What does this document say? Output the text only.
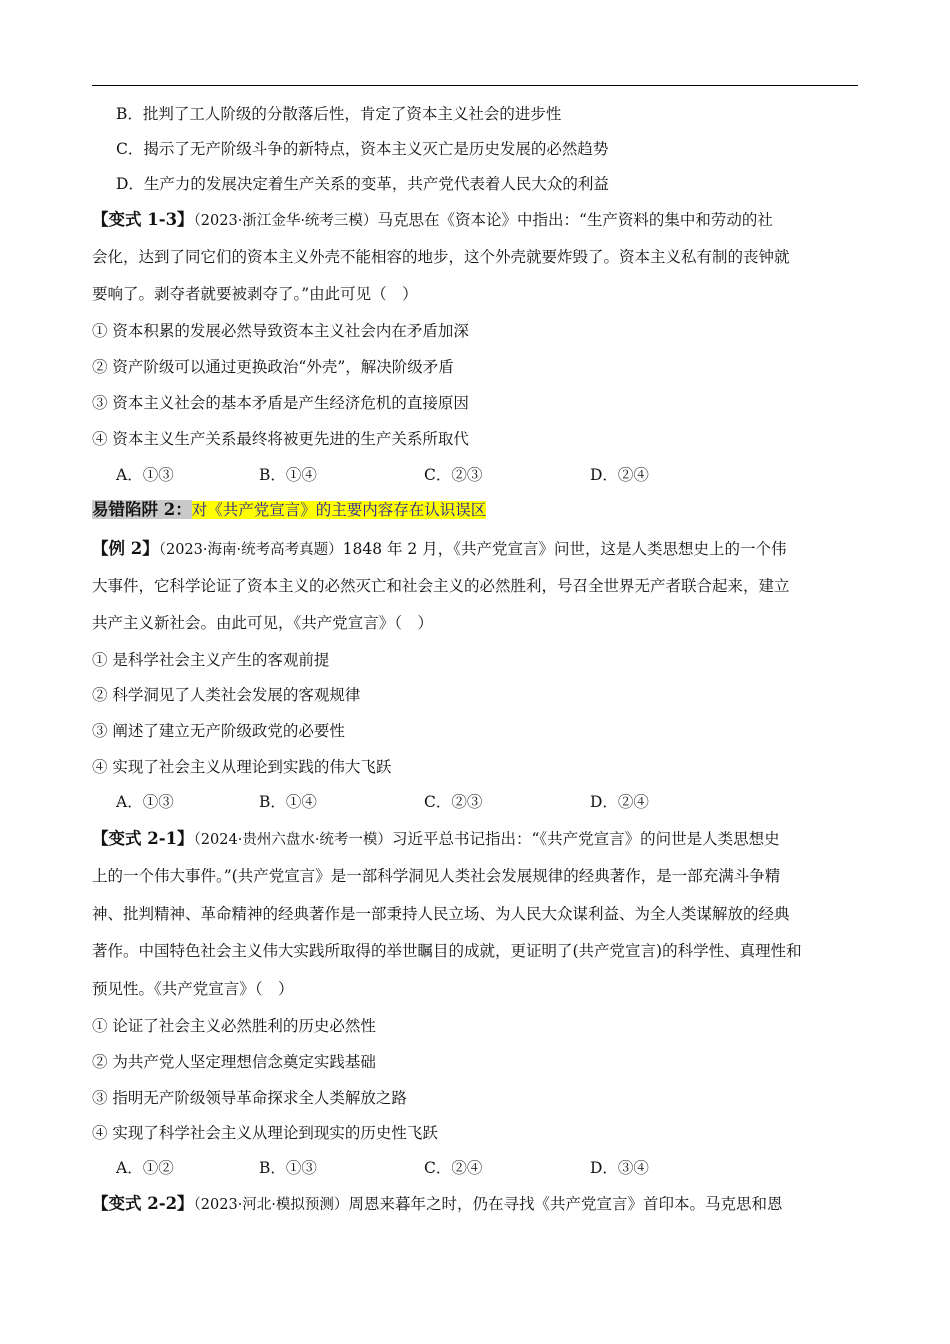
B．批判了工人阶级的分散落后性，肯定了资本主义社会的进步性
C．揭示了无产阶级斗争的新特点，资本主义灭亡是历史发展的必然趋势
D．生产力的发展决定着生产关系的变革，共产党代表着人民大众的利益
【变式 1-3】（2023·浙江金华·统考三模）马克思在《资本论》中指出：“生产资料的集中和劳动的社
会化，达到了同它们的资本主义外壳不能相容的地步，这个外壳就要炸毁了。资本主义私有制的丧钟就
要响了。剥夺者就要被剥夺了。”由此可见（　）
① 资本积累的发展必然导致资本主义社会内在矛盾加深
② 资产阶级可以通过更换政治“外壳”，解决阶级矛盾
③ 资本主义社会的基本矛盾是产生经济危机的直接原因
④ 资本主义生产关系最终将被更先进的生产关系所取代
A．①③	B．①④	C．②③	D．②④
易错陷阱 2：对《共产党宣言》的主要内容存在认识误区
【例 2】（2023·海南·统考高考真题）1848 年 2 月，《共产党宣言》问世，这是人类思想史上的一个伟
大事件，它科学论证了资本主义的必然灭亡和社会主义的必然胜利，号召全世界无产者联合起来，建立
共产主义新社会。由此可见，《共产党宣言》（　）
① 是科学社会主义产生的客观前提
② 科学洞见了人类社会发展的客观规律
③ 阐述了建立无产阶级政党的必要性
④ 实现了社会主义从理论到实践的伟大飞跃
A．①③	B．①④	C．②③	D．②④
【变式 2-1】（2024·贵州六盘水·统考一模）习近平总书记指出：“《共产党宣言》的问世是人类思想史
上的一个伟大事件。”(共产党宣言》是一部科学洞见人类社会发展规律的经典著作，是一部充满斗争精
神、批判精神、革命精神的经典著作是一部秉持人民立场、为人民大众谋利益、为全人类谋解放的经典
著作。中国特色社会主义伟大实践所取得的举世瞩目的成就，更证明了(共产党宣言)的科学性、真理性和
预见性。《共产党宣言》（　）
① 论证了社会主义必然胜利的历史必然性
② 为共产党人坚定理想信念奠定实践基础
③ 指明无产阶级领导革命探求全人类解放之路
④ 实现了科学社会主义从理论到现实的历史性飞跃
A．①②	B．①③	C．②④	D．③④
【变式 2-2】（2023·河北·模拟预测）周恩来暮年之时，仍在寻找《共产党宣言》首印本。马克思和恩
